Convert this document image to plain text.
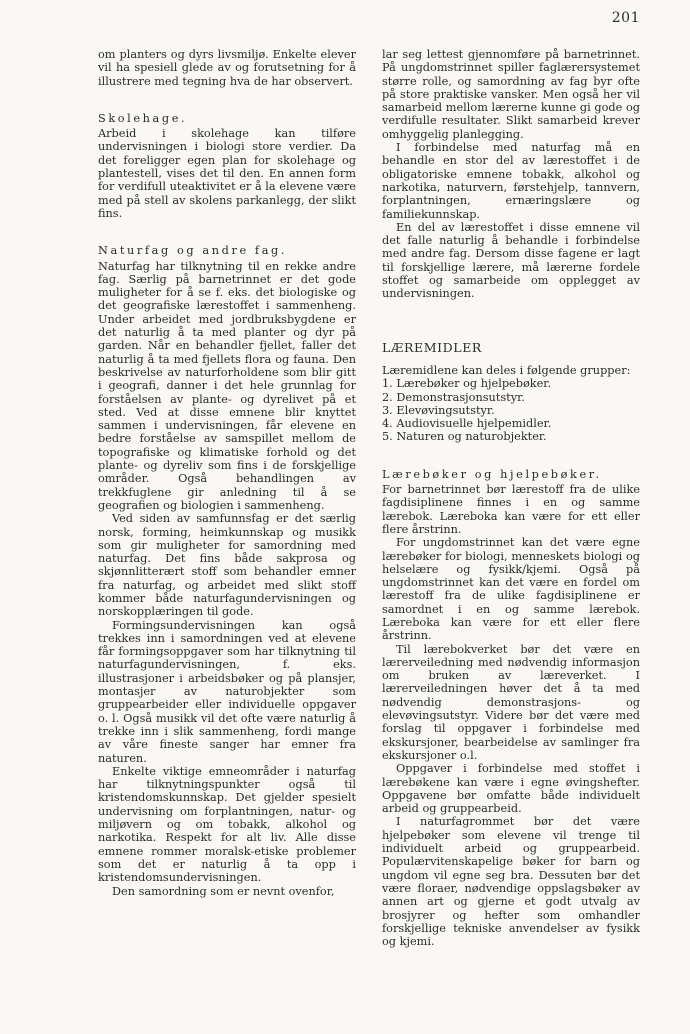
201

om planters og dyrs livsmiljø. Enkelte elever vil ha spesiell glede av og forutsetning for å illustrere med tegning hva de har observert.

Skolehage.

Arbeid i skolehage kan tilføre undervisningen i biologi store verdier. Da det foreligger egen plan for skolehage og plantestell, vises det til den. En annen form for verdifull uteaktivitet er å la elevene være med på stell av skolens parkanlegg, der slikt fins.

Naturfag og andre fag.

Naturfag har tilknytning til en rekke andre fag. Særlig på barnetrinnet er det gode muligheter for å se f. eks. det biologiske og det geografiske lærestoffet i sammenheng. Under arbeidet med jordbruksbygdene er det naturlig å ta med planter og dyr på garden. Når en behandler fjellet, faller det naturlig å ta med fjellets flora og fauna. Den beskrivelse av naturforholdene som blir gitt i geografi, danner i det hele grunnlag for forståelsen av plante- og dyrelivet på et sted. Ved at disse emnene blir knyttet sammen i undervisningen, får elevene en bedre forståelse av samspillet mellom de topografiske og klimatiske forhold og det plante- og dyreliv som fins i de forskjellige områder. Også behandlingen av trekkfuglene gir anledning til å se geografien og biologien i sammenheng.

Ved siden av samfunnsfag er det særlig norsk, forming, heimkunnskap og musikk som gir muligheter for samordning med naturfag. Det fins både sakprosa og skjønnlitterært stoff som behandler emner fra naturfag, og arbeidet med slikt stoff kommer både naturfagundervisningen og norskopplæringen til gode.

Formingsundervisningen kan også trekkes inn i samordningen ved at elevene får formingsoppgaver som har tilknytning til naturfagundervisningen, f. eks. illustrasjoner i arbeidsbøker og på plansjer, montasjer av naturobjekter som gruppearbeider eller individuelle oppgaver o. l. Også musikk vil det ofte være naturlig å trekke inn i slik sammenheng, fordi mange av våre fineste sanger har emner fra naturen.

Enkelte viktige emneområder i naturfag har tilknytningspunkter også til kristendomskunnskap. Det gjelder spesielt undervisning om forplantningen, natur- og miljøvern og om tobakk, alkohol og narkotika. Respekt for alt liv. Alle disse emnene rommer moralsk-etiske problemer som det er naturlig å ta opp i kristendomsundervisningen.

Den samordning som er nevnt ovenfor,

lar seg lettest gjennomføre på barnetrinnet. På ungdomstrinnet spiller faglærersystemet større rolle, og samordning av fag byr ofte på store praktiske vansker. Men også her vil samarbeid mellom lærerne kunne gi gode og verdifulle resultater. Slikt samarbeid krever omhyggelig planlegging.

I forbindelse med naturfag må en behandle en stor del av lærestoffet i de obligatoriske emnene tobakk, alkohol og narkotika, naturvern, førstehjelp, tannvern, forplantningen, ernæringslære og familiekunnskap.

En del av lærestoffet i disse emnene vil det falle naturlig å behandle i forbindelse med andre fag. Dersom disse fagene er lagt til forskjellige lærere, må lærerne fordele stoffet og samarbeide om opplegget av undervisningen.

LÆREMIDLER

Læremidlene kan deles i følgende grupper:

1. Lærebøker og hjelpebøker.
2. Demonstrasjonsutstyr.
3. Elevøvingsutstyr.
4. Audiovisuelle hjelpemidler.
5. Naturen og naturobjekter.
Lærebøker og hjelpebøker.

For barnetrinnet bør lærestoff fra de ulike fagdisiplinene finnes i en og samme lærebok. Læreboka kan være for ett eller flere årstrinn.

For ungdomstrinnet kan det være egne lærebøker for biologi, menneskets biologi og helselære og fysikk/kjemi. Også på ungdomstrinnet kan det være en fordel om lærestoff fra de ulike fagdisiplinene er samordnet i en og samme lærebok. Læreboka kan være for ett eller flere årstrinn.

Til lærebokverket bør det være en lærerveiledning med nødvendig informasjon om bruken av læreverket. I lærerveiledningen høver det å ta med nødvendig demonstrasjons- og elevøvingsutstyr. Videre bør det være med forslag til oppgaver i forbindelse med ekskursjoner, bearbeidelse av samlinger fra ekskursjoner o.l.

Oppgaver i forbindelse med stoffet i lærebøkene kan være i egne øvingshefter. Oppgavene bør omfatte både individuelt arbeid og gruppearbeid.

I naturfagrommet bør det være hjelpebøker som elevene vil trenge til individuelt arbeid og gruppearbeid. Populærvitenskapelige bøker for barn og ungdom vil egne seg bra. Dessuten bør det være floraer, nødvendige oppslagsbøker av annen art og gjerne et godt utvalg av brosjyrer og hefter som omhandler forskjellige tekniske anvendelser av fysikk og kjemi.
